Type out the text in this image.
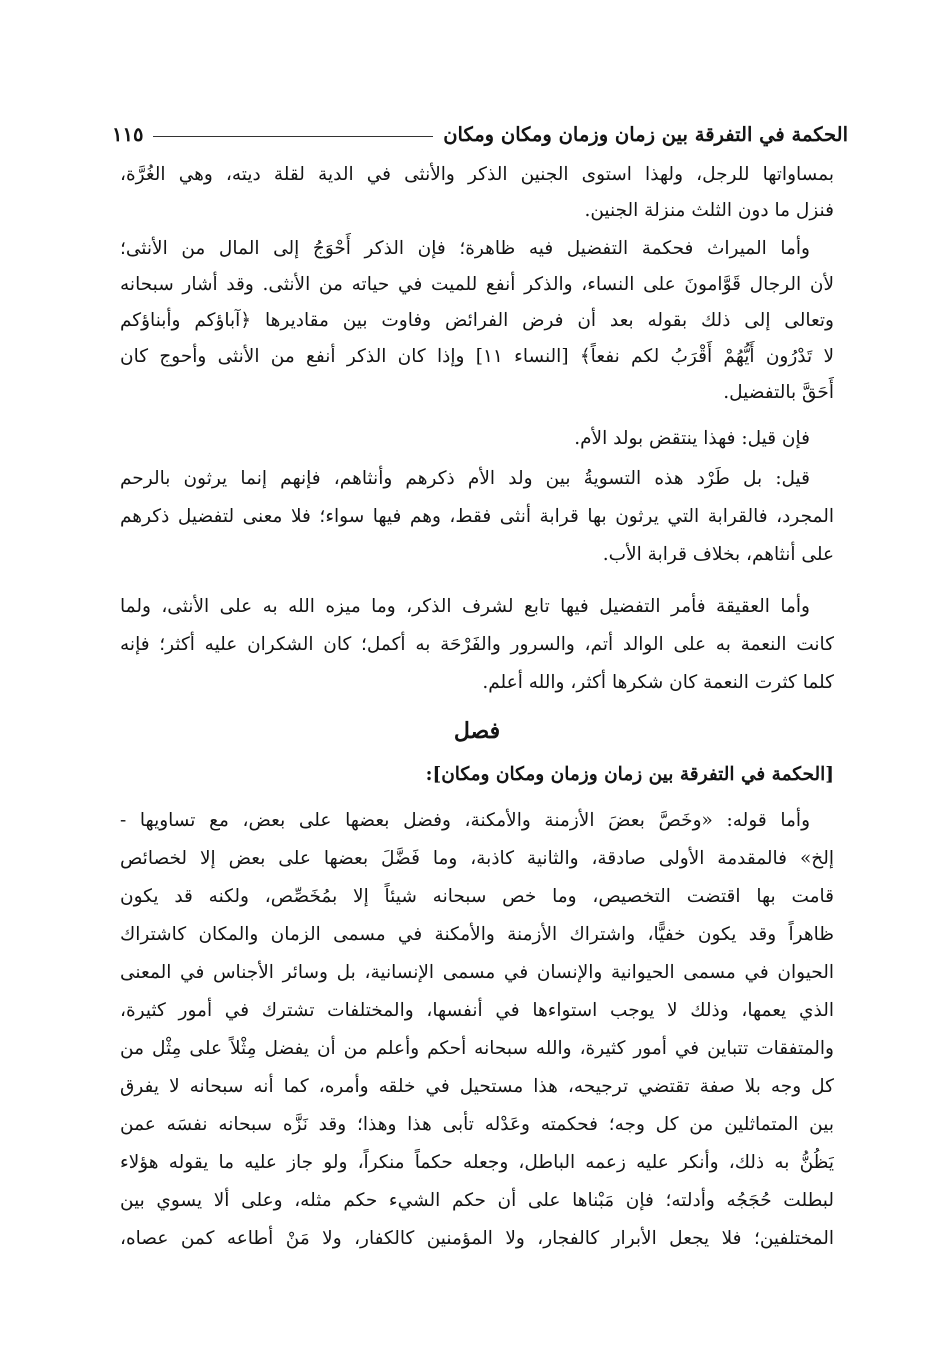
الحكمة في التفرقة بين زمان وزمان ومكان ومكان
١١٥
بمساواتها للرجل، ولهذا استوى الجنين الذكر والأنثى في الدية لقلة ديته، وهي الغُرَّة،
فنزل ما دون الثلث منزلة الجنين.
وأما الميراث فحكمة التفضيل فيه ظاهرة؛ فإن الذكر أَحْوَجُ إلى المال من الأنثى؛
لأن الرجال قَوَّامونَ على النساء، والذكر أنفع للميت في حياته من الأنثى. وقد أشار سبحانه
وتعالى إلى ذلك بقوله بعد أن فرض الفرائض وفاوت بين مقاديرها ﴿آباؤكم وأبناؤكم
لا تَدْرُون أَيُّهُمْ أَقْرَبُ لكم نفعاً﴾ [النساء ١١] وإذا كان الذكر أنفع من الأنثى وأحوج كان
أَحَقَّ بالتفضيل.
فإن قيل: فهذا ينتقض بولد الأم.
قيل: بل طَرْد هذه التسويةُ بين ولد الأم ذكرهم وأنثاهم، فإنهم إنما يرثون بالرحم
المجرد، فالقرابة التي يرثون بها قرابة أنثى فقط، وهم فيها سواء؛ فلا معنى لتفضيل ذكرهم
على أنثاهم، بخلاف قرابة الأب.
وأما العقيقة فأمر التفضيل فيها تابع لشرف الذكر، وما ميزه الله به على الأنثى، ولما
كانت النعمة به على الوالد أتم، والسرور والفَرْحَة به أكمل؛ كان الشكران عليه أكثر؛ فإنه
كلما كثرت النعمة كان شكرها أكثر، والله أعلم.
فصل
[الحكمة في التفرقة بين زمان وزمان ومكان ومكان]:
وأما قوله: «وخَصَّ بعضَ الأزمنة والأمكنة، وفضل بعضها على بعض، مع تساويها -
إلخ» فالمقدمة الأولى صادقة، والثانية كاذبة، وما فَضَّلَ بعضها على بعض إلا لخصائص
قامت بها اقتضت التخصيص، وما خص سبحانه شيئاً إلا بمُخَصِّص، ولكنه قد يكون
ظاهراً وقد يكون خفيًّا، واشتراك الأزمنة والأمكنة في مسمى الزمان والمكان كاشتراك
الحيوان في مسمى الحيوانية والإنسان في مسمى الإنسانية، بل وسائر الأجناس في المعنى
الذي يعمها، وذلك لا يوجب استواءها في أنفسها، والمختلفات تشترك في أمور كثيرة،
والمتفقات تتباين في أمور كثيرة، والله سبحانه أحكم وأعلم من أن يفضل مِثْلاً على مِثْل من
كل وجه بلا صفة تقتضي ترجيحه، هذا مستحيل في خلقه وأمره، كما أنه سبحانه لا يفرق
بين المتماثلين من كل وجه؛ فحكمته وعَدْله تأبى هذا وهذا؛ وقد نَزَّه سبحانه نفسَه عمن
يَظُنُّ به ذلك، وأنكر عليه زعمه الباطل، وجعله حكماً منكراً، ولو جاز عليه ما يقوله هؤلاء
لبطلت حُجَجُه وأدلته؛ فإن مَبْناها على أن حكم الشيء حكم مثله، وعلى ألا يسوي بين
المختلفين؛ فلا يجعل الأبرار كالفجار، ولا المؤمنين كالكفار، ولا مَنْ أطاعه كمن عصاه،
